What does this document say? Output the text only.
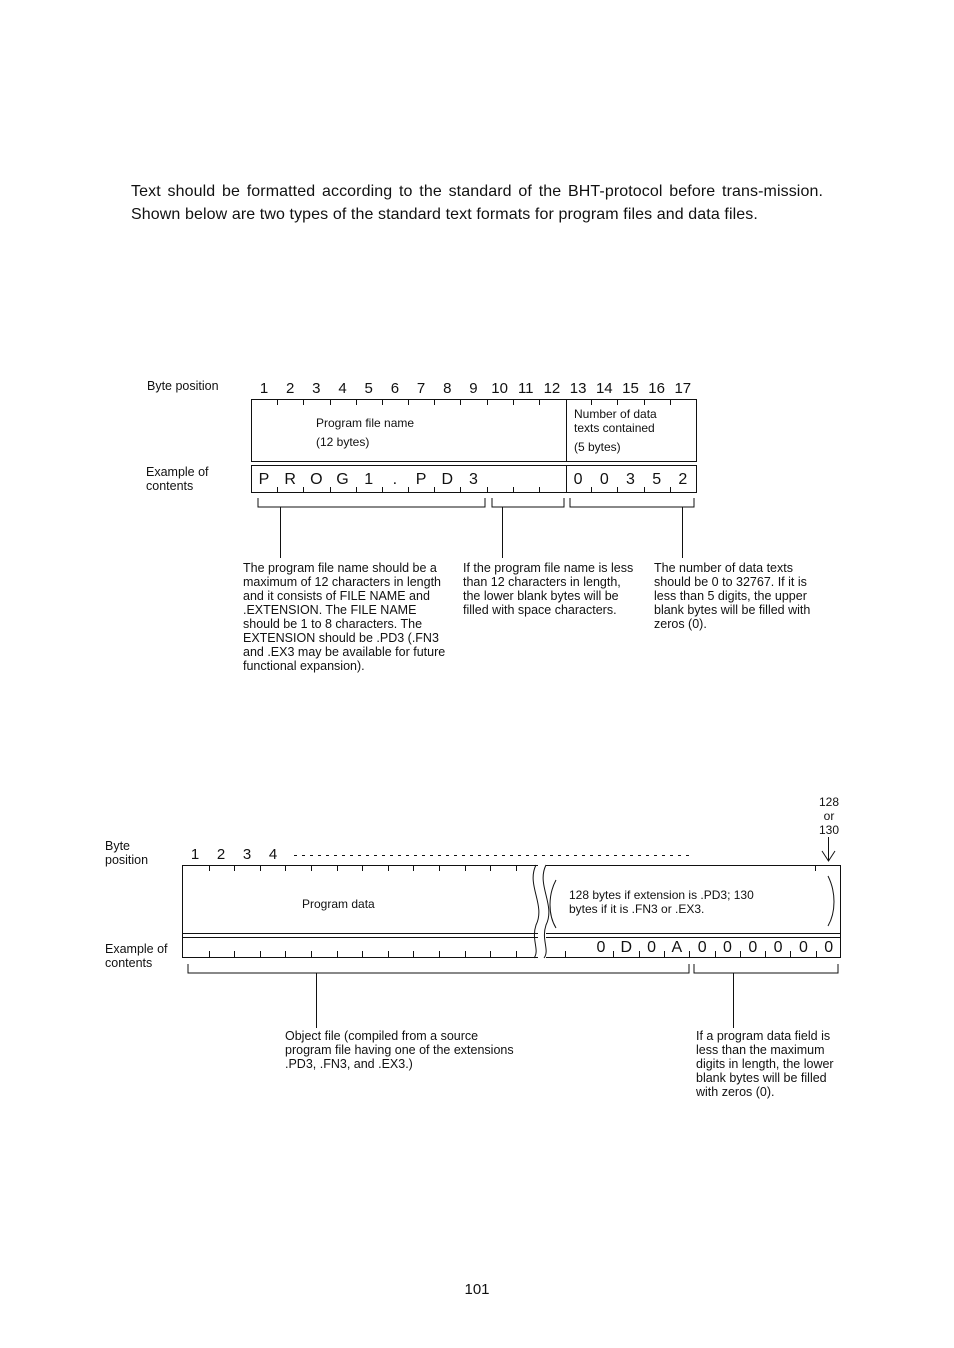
Text should be formatted according to the standard of the BHT-protocol before trans-mission. Shown below are two types of the standard text formats for program files and data files.
Byte position
Example of contents
1	2	3	4	5	6	7	8	9 10 11 12 13 14 15 16 17
Program file name
(12 bytes)
Number of data texts contained
(5 bytes)
P R O G 1	.	P D 3	0	0	3	5	2
The program file name should be a maximum of 12 characters in length and it consists of FILE NAME and .EXTENSION. The FILE NAME should be 1 to 8 characters. The EXTENSION should be .PD3 (.FN3 and .EX3 may be available for future functional expansion).
If the program file name is less than 12 characters in length, the lower blank bytes will be filled with space characters.
The number of data texts should be 0 to 32767. If it is less than 5 digits, the upper blank bytes will be filled with zeros (0).
Byte position
Example of contents
1	2	3	4
128
or
130
Program data
128 bytes if extension is .PD3; 130 bytes if it is .FN3 or .EX3.
0 D 0 A 0	0	0	0	0	0
Object file (compiled from a source program file having one of the extensions .PD3, .FN3, and .EX3.)
If a program data field is less than the maximum digits in length, the lower blank bytes will be filled with zeros (0).
101
